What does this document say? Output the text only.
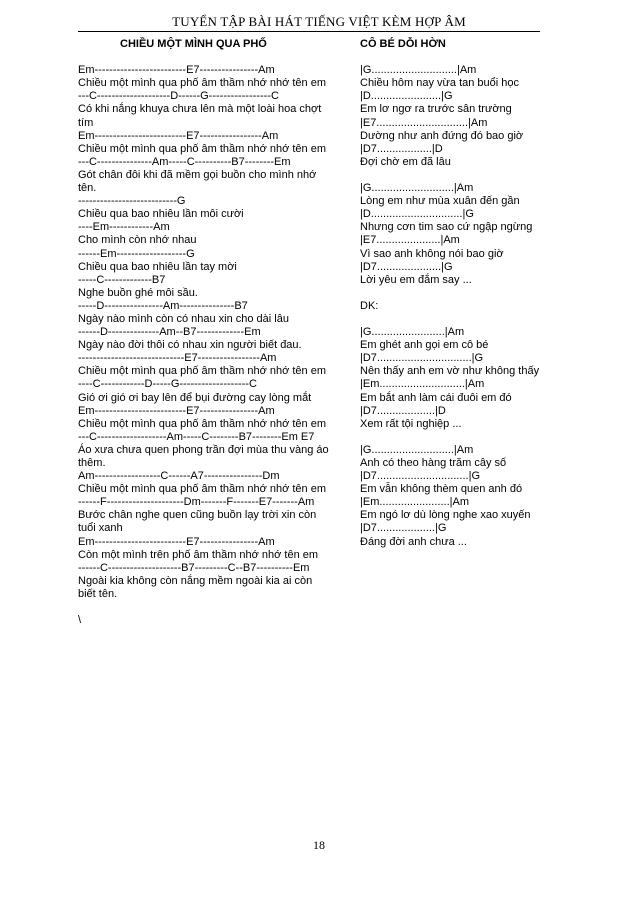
TUYỂN TẬP BÀI HÁT TIẾNG VIỆT KÈM HỢP ÂM
CHIỀU MỘT MÌNH QUA PHỐ
Em-------------------------E7----------------Am
Chiều một mình qua phố âm thầm nhớ nhớ tên em
---C--------------------D------G-----------------C
Có khi nắng khuya chưa lên mà một loài hoa chợt tím
Em-------------------------E7-----------------Am
Chiều một mình qua phố âm thầm nhớ nhớ tên em
---C---------------Am-----C----------B7--------Em
Gót chân đôi khi đã mềm gọi buồn cho mình nhớ tên.
---------------------------G
Chiều qua bao nhiêu lần môi cười
----Em------------Am
Cho mình còn nhớ nhau
------Em-------------------G
Chiều qua bao nhiêu lần tay mời
-----C-------------B7
Nghe buồn ghé môi sầu.
-----D----------------Am---------------B7
Ngày nào mình còn có nhau xin cho dài lâu
------D--------------Am--B7-------------Em
Ngày nào đời thôi có nhau xin người biết đau.
-----------------------------E7-----------------Am
Chiều một mình qua phố âm thầm nhớ nhớ tên em
----C------------D-----G-------------------C
Gió ơi gió ơi bay lên để bụi đường cay lòng mắt
Em-------------------------E7----------------Am
Chiều một mình qua phố âm thầm nhớ nhớ tên em
---C-------------------Am-----C--------B7--------Em E7
Áo xưa chưa quen phong trần đợi mùa thu vàng áo thêm.
Am------------------C------A7----------------Dm
Chiều một mình qua phố âm thầm nhớ nhớ tên em
------F---------------------Dm-------F-------E7-------Am
Bước chân nghe quen cũng buồn lạy trời xin còn tuổi xanh
Em-------------------------E7----------------Am
Còn một mình trên phố âm thầm nhớ nhớ tên em
------C--------------------B7---------C--B7----------Em
Ngoài kia không còn nắng mềm ngoài kia ai còn biết tên.
\
CÔ BÉ DỖI HỜN
|G............................|Am
Chiều hôm nay vừa tan buổi học
|D.......................|G
Em lơ ngơ ra trước sân trường
|E7..............................|Am
Dường như anh đứng đó bao giờ
|D7..................|D
Đợi chờ em đã lâu
|G...........................|Am
Lòng em như mùa xuân đến gần
|D..............................|G
Nhưng cơn tim sao cứ ngập ngừng
|E7.....................|Am
Vì sao anh không nói bao giờ
|D7.....................|G
Lời yêu em đắm say ...
DK:
|G........................|Am
Em ghét anh gọi em cô bé
|D7...............................|G
Nên thấy anh em vờ như không thấy
|Em............................|Am
Em bắt anh làm cái đuôi em đó
|D7...................|D
Xem rất tội nghiệp ...
|G...........................|Am
Anh có theo hàng trăm cây số
|D7..............................|G
Em vẫn không thèm quen anh đó
|Em.......................|Am
Em ngó lơ dù lòng nghe xao xuyến
|D7...................|G
Đáng đời anh chưa ...
18
